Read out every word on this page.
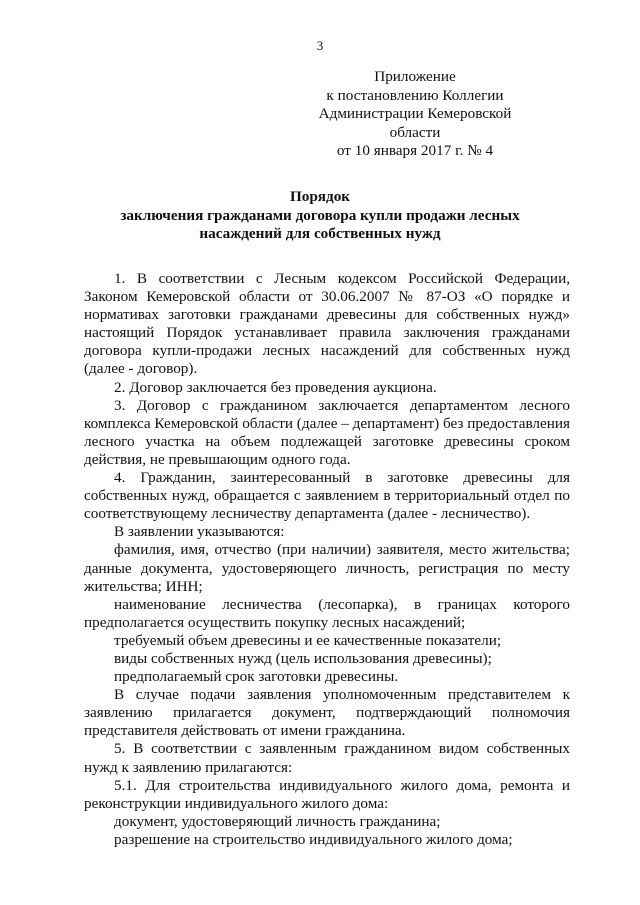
3
Приложение
к постановлению Коллегии
Администрации Кемеровской области
от 10 января 2017 г. № 4
Порядок
заключения гражданами договора купли продажи лесных
насаждений для собственных нужд

1. В соответствии с Лесным кодексом Российской Федерации, Законом Кемеровской области от 30.06.2007 № 87-ОЗ «О порядке и нормативах заготовки гражданами древесины для собственных нужд» настоящий Порядок устанавливает правила заключения гражданами договора купли-продажи лесных насаждений для собственных нужд (далее - договор).

2. Договор заключается без проведения аукциона.

3. Договор с гражданином заключается департаментом лесного комплекса Кемеровской области (далее – департамент) без предоставления лесного участка на объем подлежащей заготовке древесины сроком действия, не превышающим одного года.

4. Гражданин, заинтересованный в заготовке древесины для собственных нужд, обращается с заявлением в территориальный отдел по соответствующему лесничеству департамента (далее - лесничество).

В заявлении указываются:

фамилия, имя, отчество (при наличии) заявителя, место жительства; данные документа, удостоверяющего личность, регистрация по месту жительства; ИНН;

наименование лесничества (лесопарка), в границах которого предполагается осуществить покупку лесных насаждений;

требуемый объем древесины и ее качественные показатели;

виды собственных нужд (цель использования древесины);

предполагаемый срок заготовки древесины.

В случае подачи заявления уполномоченным представителем к заявлению прилагается документ, подтверждающий полномочия представителя действовать от имени гражданина.

5. В соответствии с заявленным гражданином видом собственных нужд к заявлению прилагаются:

5.1. Для строительства индивидуального жилого дома, ремонта и реконструкции индивидуального жилого дома:

документ, удостоверяющий личность гражданина;

разрешение на строительство индивидуального жилого дома;
